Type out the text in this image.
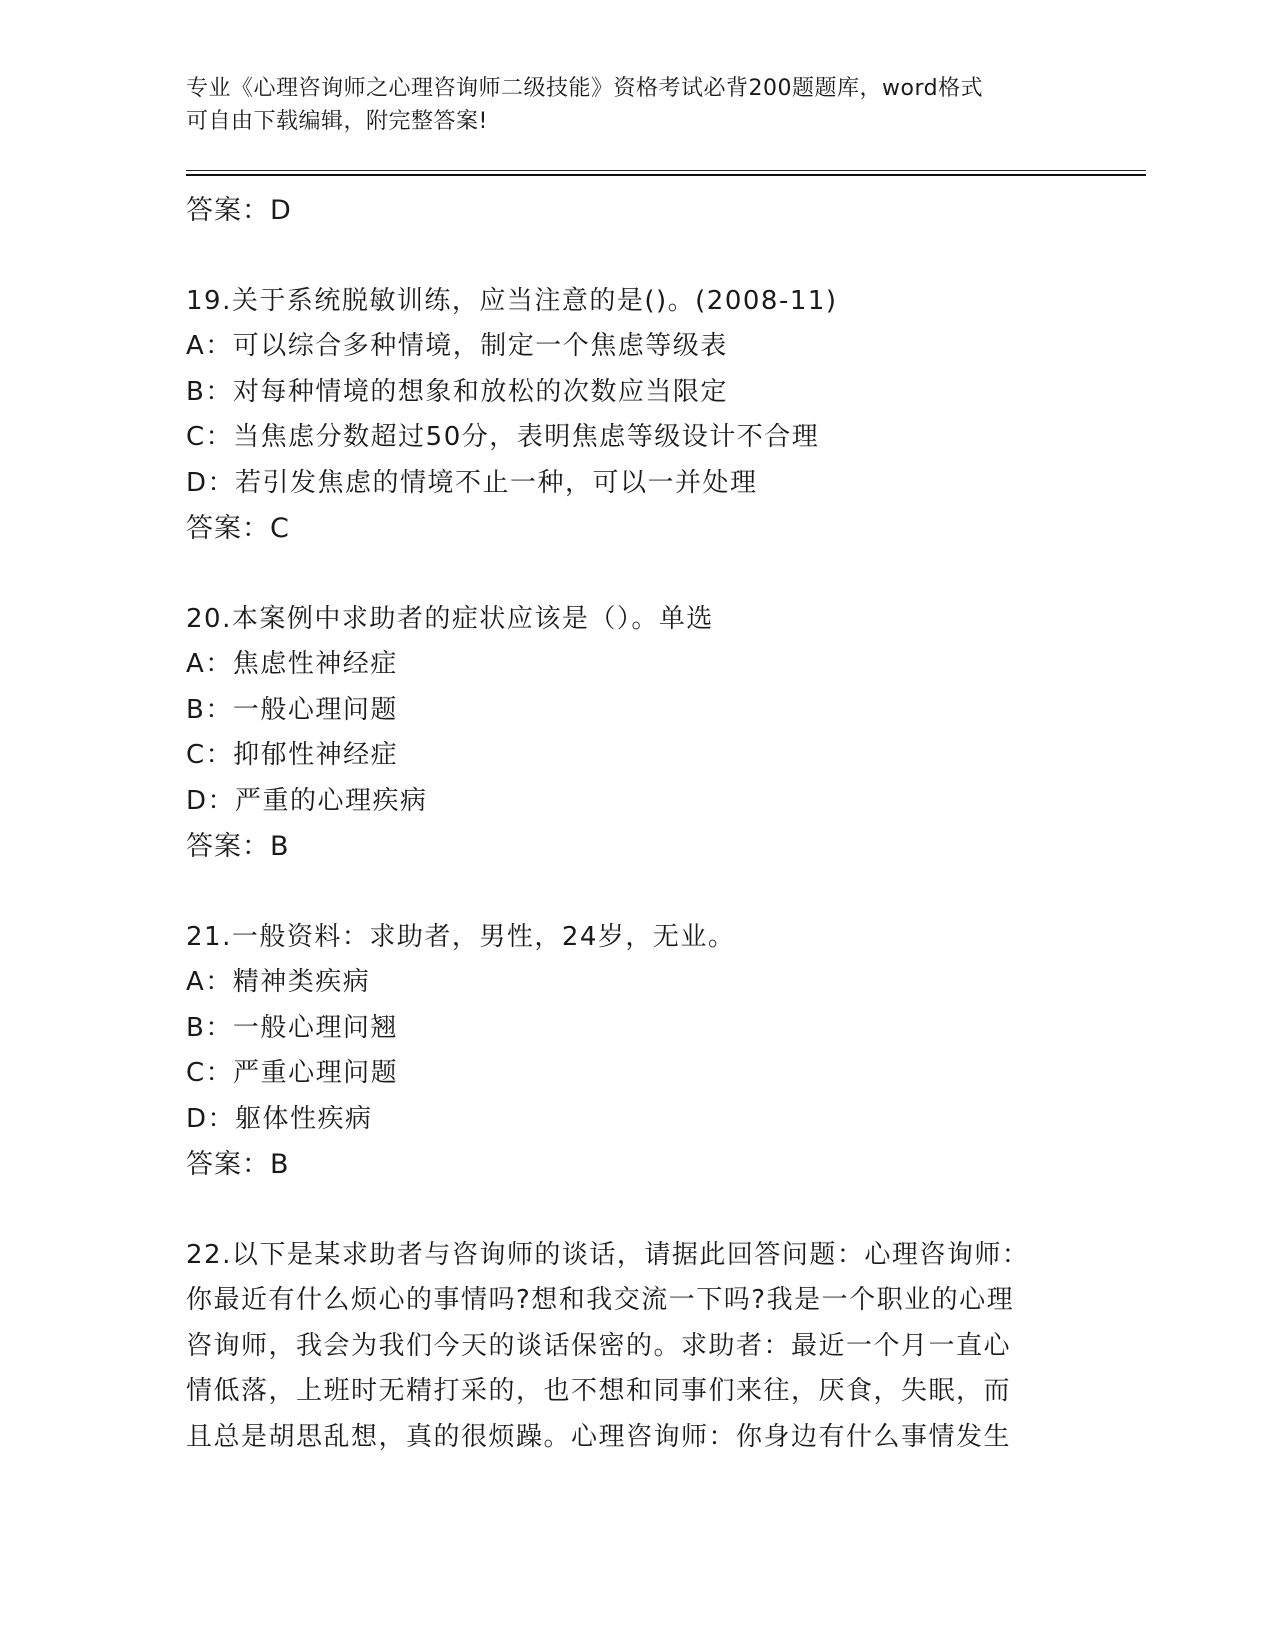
专业《心理咨询师之心理咨询师二级技能》资格考试必背200题题库，word格式
可自由下载编辑，附完整答案!
答案：D
19.关于系统脱敏训练，应当注意的是()。(2008-11)
A：可以综合多种情境，制定一个焦虑等级表
B：对每种情境的想象和放松的次数应当限定
C：当焦虑分数超过50分，表明焦虑等级设计不合理
D：若引发焦虑的情境不止一种，可以一并处理
答案：C
20.本案例中求助者的症状应该是（）。单选
A：焦虑性神经症
B：一般心理问题
C：抑郁性神经症
D：严重的心理疾病
答案：B
21.一般资料：求助者，男性，24岁，无业。
A：精神类疾病
B：一般心理问翘
C：严重心理问题
D：躯体性疾病
答案：B
22.以下是某求助者与咨询师的谈话，请据此回答问题：心理咨询师：
你最近有什么烦心的事情吗?想和我交流一下吗?我是一个职业的心理
咨询师，我会为我们今天的谈话保密的。求助者：最近一个月一直心
情低落，上班时无精打采的，也不想和同事们来往，厌食，失眠，而
且总是胡思乱想，真的很烦躁。心理咨询师：你身边有什么事情发生
